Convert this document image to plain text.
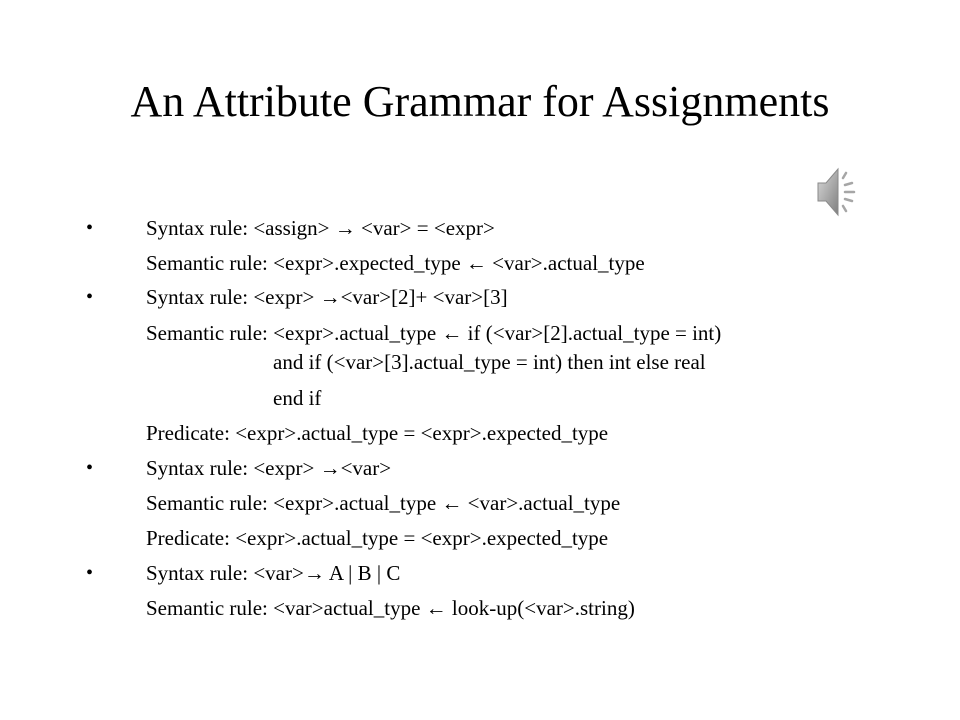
An Attribute Grammar for Assignments
•	Syntax rule: <assign> → <var> = <expr>
Semantic rule: <expr>.expected_type ← <var>.actual_type
•	Syntax rule: <expr> →<var>[2]+ <var>[3]
Semantic rule: <expr>.actual_type ← if (<var>[2].actual_type = int)
and if (<var>[3].actual_type = int) then int else real
end if
Predicate: <expr>.actual_type = <expr>.expected_type
•	Syntax rule: <expr> →<var>
Semantic rule: <expr>.actual_type ← <var>.actual_type
Predicate: <expr>.actual_type = <expr>.expected_type
•	Syntax rule: <var>→ A | B | C
Semantic rule: <var>actual_type ← look-up(<var>.string)
